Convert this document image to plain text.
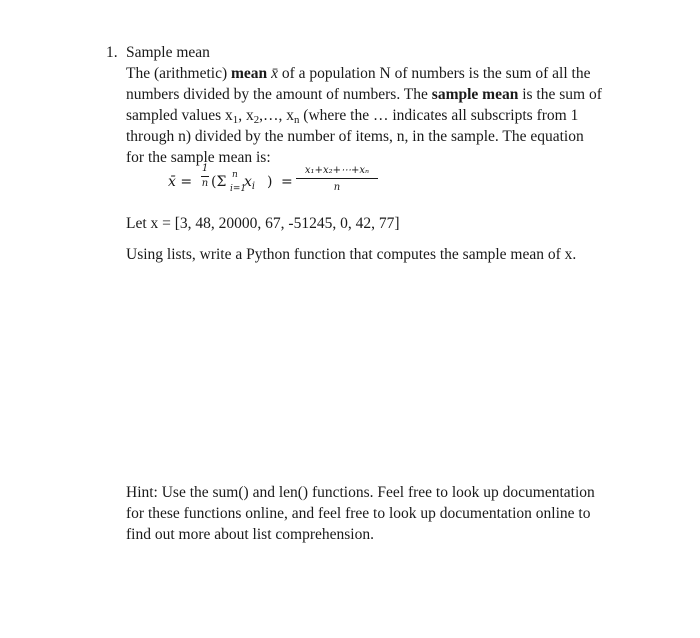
1. Sample mean
The (arithmetic) mean x̄ of a population N of numbers is the sum of all the
numbers divided by the amount of numbers. The sample mean is the sum of
sampled values $x_1$, $x_2,\dots$, $x_n$ (where the … indicates all subscripts from 1
through n) divided by the number of items, n, in the sample. The equation
for the sample mean is:
x̄ =
1
n (Σ n
i=1
$x_i$ ) =
x₁+x₂+⋯+xₙ
n
Let x = [3, 48, 20000, 67, -51245, 0, 42, 77]
Using lists, write a Python function that computes the sample mean of x.
Hint: Use the sum() and len() functions. Feel free to look up documentation
for these functions online, and feel free to look up documentation online to
find out more about list comprehension.
